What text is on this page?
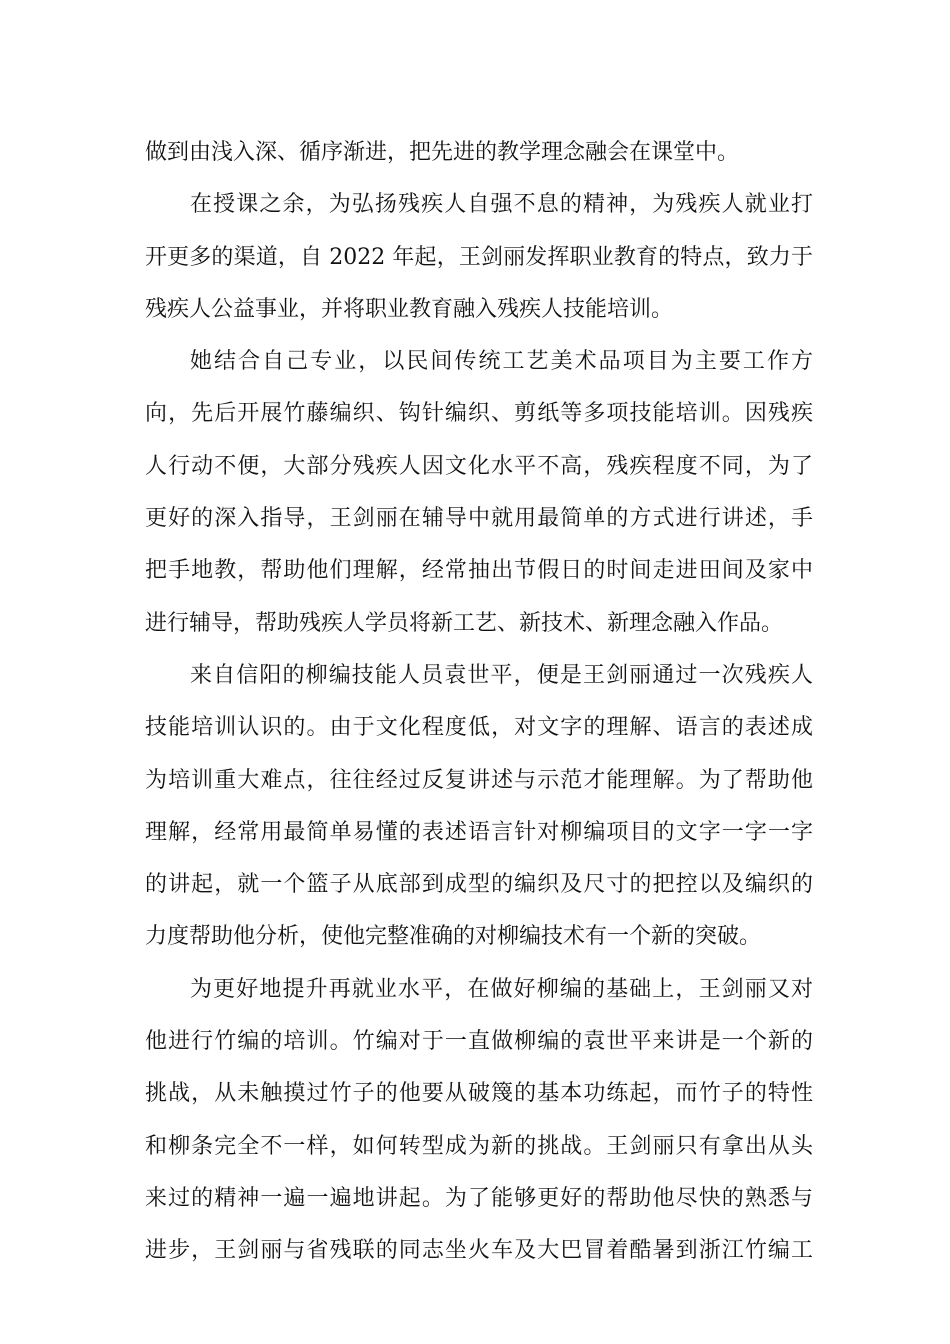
做到由浅入深、循序渐进，把先进的教学理念融会在课堂中。
在授课之余，为弘扬残疾人自强不息的精神，为残疾人就业打
开更多的渠道，自 2022 年起，王剑丽发挥职业教育的特点，致力于
残疾人公益事业，并将职业教育融入残疾人技能培训。
她结合自己专业，以民间传统工艺美术品项目为主要工作方
向，先后开展竹藤编织、钩针编织、剪纸等多项技能培训。因残疾
人行动不便，大部分残疾人因文化水平不高，残疾程度不同，为了
更好的深入指导，王剑丽在辅导中就用最简单的方式进行讲述，手
把手地教，帮助他们理解，经常抽出节假日的时间走进田间及家中
进行辅导，帮助残疾人学员将新工艺、新技术、新理念融入作品。
来自信阳的柳编技能人员袁世平，便是王剑丽通过一次残疾人
技能培训认识的。由于文化程度低，对文字的理解、语言的表述成
为培训重大难点，往往经过反复讲述与示范才能理解。为了帮助他
理解，经常用最简单易懂的表述语言针对柳编项目的文字一字一字
的讲起，就一个篮子从底部到成型的编织及尺寸的把控以及编织的
力度帮助他分析，使他完整准确的对柳编技术有一个新的突破。
为更好地提升再就业水平，在做好柳编的基础上，王剑丽又对
他进行竹编的培训。竹编对于一直做柳编的袁世平来讲是一个新的
挑战，从未触摸过竹子的他要从破篾的基本功练起，而竹子的特性
和柳条完全不一样，如何转型成为新的挑战。王剑丽只有拿出从头
来过的精神一遍一遍地讲起。为了能够更好的帮助他尽快的熟悉与
进步，王剑丽与省残联的同志坐火车及大巴冒着酷暑到浙江竹编工
